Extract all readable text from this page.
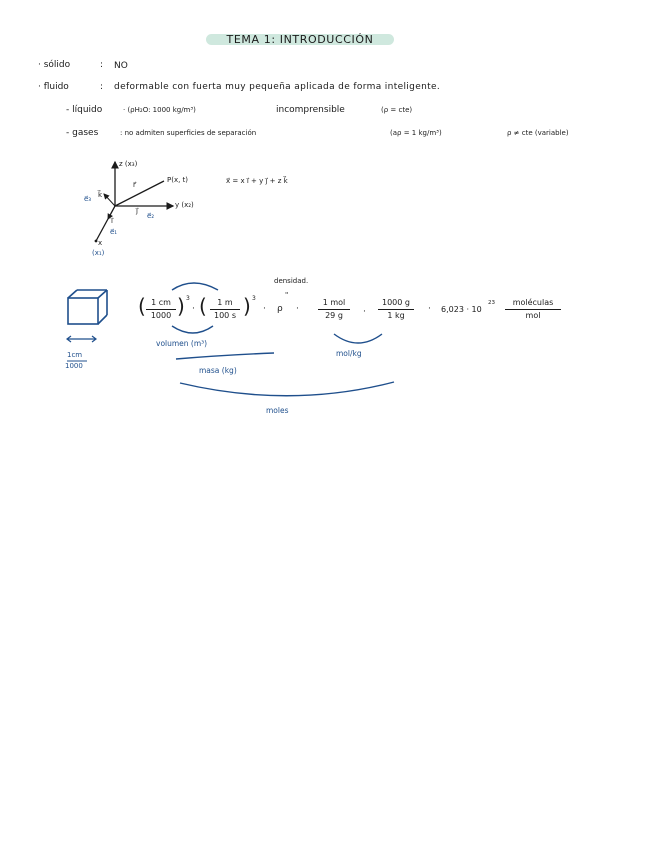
TEMA 1: INTRODUCCIÓN
· sólido	: NO
· fluido	: deformable con fuerta muy pequeña aplicada de forma inteligente.
- líquido	· (ρH₂O: 1000 kg/m³)	incomprensible	(ρ = cte)
- gases	: no admiten superficies de separación	(aρ = 1 kg/m³)	ρ ≠ cte (variable)
z (x₃)
y (x₂)
x
(x₁)
P(x, t)
r⃗
k⃗
j⃗
i⃗
e⃗₃
e⃗₂
e⃗₁
x⃗ = x i⃗ + y j⃗ + z k⃗
1cm
1000
densidad.
( $\frac{1 cm}{1000}$ ) 3
· ( $\frac{1 m}{100 s}$ ) 3
· ρ
"
·
1 mol
29 g	· $\frac{1000 g}{1 kg} \cdot 6,023 \cdot 10$
23	moléculas
mol
volumen (m³)
mol/kg
masa (kg)
moles
